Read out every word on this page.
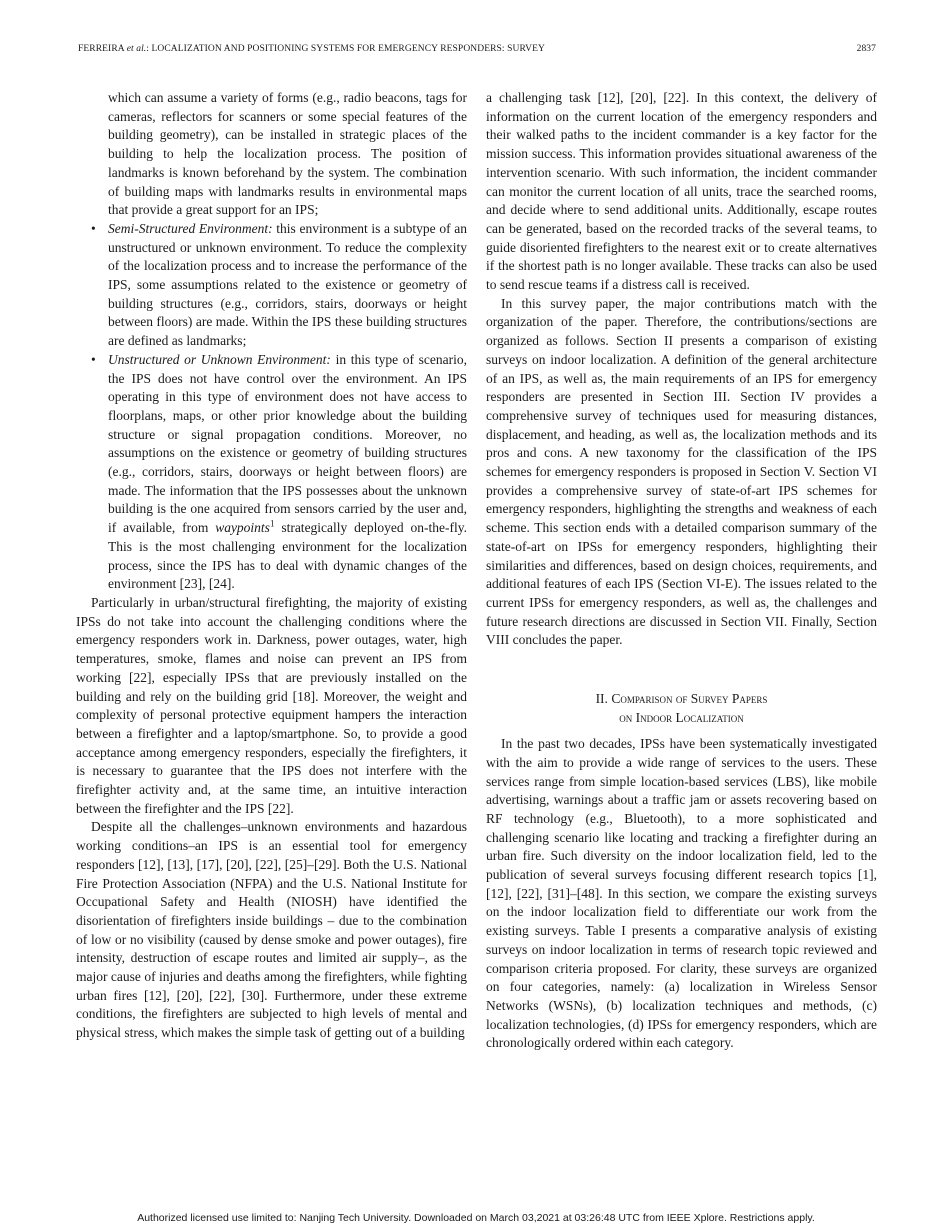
FERREIRA et al.: LOCALIZATION AND POSITIONING SYSTEMS FOR EMERGENCY RESPONDERS: SURVEY	2837

which can assume a variety of forms (e.g., radio beacons, tags for cameras, reflectors for scanners or some special features of the building geometry), can be installed in strategic places of the building to help the localization process. The position of landmarks is known beforehand by the system. The combination of building maps with landmarks results in environmental maps that provide a great support for an IPS;

• Semi-Structured Environment: this environment is a subtype of an unstructured or unknown environment. To reduce the complexity of the localization process and to increase the performance of the IPS, some assumptions related to the existence or geometry of building structures (e.g., corridors, stairs, doorways or height between floors) are made. Within the IPS these building structures are defined as landmarks;
• Unstructured or Unknown Environment: in this type of scenario, the IPS does not have control over the environment. An IPS operating in this type of environment does not have access to floorplans, maps, or other prior knowledge about the building structure or signal propagation conditions. Moreover, no assumptions on the existence or geometry of building structures (e.g., corridors, stairs, doorways or height between floors) are made. The information that the IPS possesses about the unknown building is the one acquired from sensors carried by the user and, if available, from waypoints$^1$ strategically deployed on-the-fly. This is the most challenging environment for the localization process, since the IPS has to deal with dynamic changes of the environment [23], [24].

Particularly in urban/structural firefighting, the majority of existing IPSs do not take into account the challenging conditions where the emergency responders work in. Darkness, power outages, water, high temperatures, smoke, flames and noise can prevent an IPS from working [22], especially IPSs that are previously installed on the building and rely on the building grid [18]. Moreover, the weight and complexity of personal protective equipment hampers the interaction between a firefighter and a laptop/smartphone. So, to provide a good acceptance among emergency responders, especially the firefighters, it is necessary to guarantee that the IPS does not interfere with the firefighter activity and, at the same time, an intuitive interaction between the firefighter and the IPS [22].

Despite all the challenges–unknown environments and hazardous working conditions–an IPS is an essential tool for emergency responders [12], [13], [17], [20], [22], [25]–[29]. Both the U.S. National Fire Protection Association (NFPA) and the U.S. National Institute for Occupational Safety and Health (NIOSH) have identified the disorientation of firefighters inside buildings – due to the combination of low or no visibility (caused by dense smoke and power outages), fire intensity, destruction of escape routes and limited air supply–, as the major cause of injuries and deaths among the firefighters, while fighting urban fires [12], [20], [22], [30]. Furthermore, under these extreme conditions, the firefighters are subjected to high levels of mental and physical stress, which makes the simple task of getting out of a building

a challenging task [12], [20], [22]. In this context, the delivery of information on the current location of the emergency responders and their walked paths to the incident commander is a key factor for the mission success. This information provides situational awareness of the intervention scenario. With such information, the incident commander can monitor the current location of all units, trace the searched rooms, and decide where to send additional units. Additionally, escape routes can be generated, based on the recorded tracks of the several teams, to guide disoriented firefighters to the nearest exit or to create alternatives if the shortest path is no longer available. These tracks can also be used to send rescue teams if a distress call is received.

In this survey paper, the major contributions match with the organization of the paper. Therefore, the contributions/sections are organized as follows. Section II presents a comparison of existing surveys on indoor localization. A definition of the general architecture of an IPS, as well as, the main requirements of an IPS for emergency responders are presented in Section III. Section IV provides a comprehensive survey of techniques used for measuring distances, displacement, and heading, as well as, the localization methods and its pros and cons. A new taxonomy for the classification of the IPS schemes for emergency responders is proposed in Section V. Section VI provides a comprehensive survey of state-of-art IPS schemes for emergency responders, highlighting the strengths and weakness of each scheme. This section ends with a detailed comparison summary of the state-of-art on IPSs for emergency responders, highlighting their similarities and differences, based on design choices, requirements, and additional features of each IPS (Section VI-E). The issues related to the current IPSs for emergency responders, as well as, the challenges and future research directions are discussed in Section VII. Finally, Section VIII concludes the paper.

II. Comparison of Survey Papers
on Indoor Localization

In the past two decades, IPSs have been systematically investigated with the aim to provide a wide range of services to the users. These services range from simple location-based services (LBS), like mobile advertising, warnings about a traffic jam or assets recovering based on RF technology (e.g., Bluetooth), to a more sophisticated and challenging scenario like locating and tracking a firefighter during an urban fire. Such diversity on the indoor localization field, led to the publication of several surveys focusing different research topics [1], [12], [22], [31]–[48]. In this section, we compare the existing surveys on the indoor localization field to differentiate our work from the existing surveys. Table I presents a comparative analysis of existing surveys on indoor localization in terms of research topic reviewed and comparison criteria proposed. For clarity, these surveys are organized on four categories, namely: (a) localization in Wireless Sensor Networks (WSNs), (b) localization techniques and methods, (c) localization technologies, (d) IPSs for emergency responders, which are chronologically ordered within each category.

Authorized licensed use limited to: Nanjing Tech University. Downloaded on March 03,2021 at 03:26:48 UTC from IEEE Xplore. Restrictions apply.
